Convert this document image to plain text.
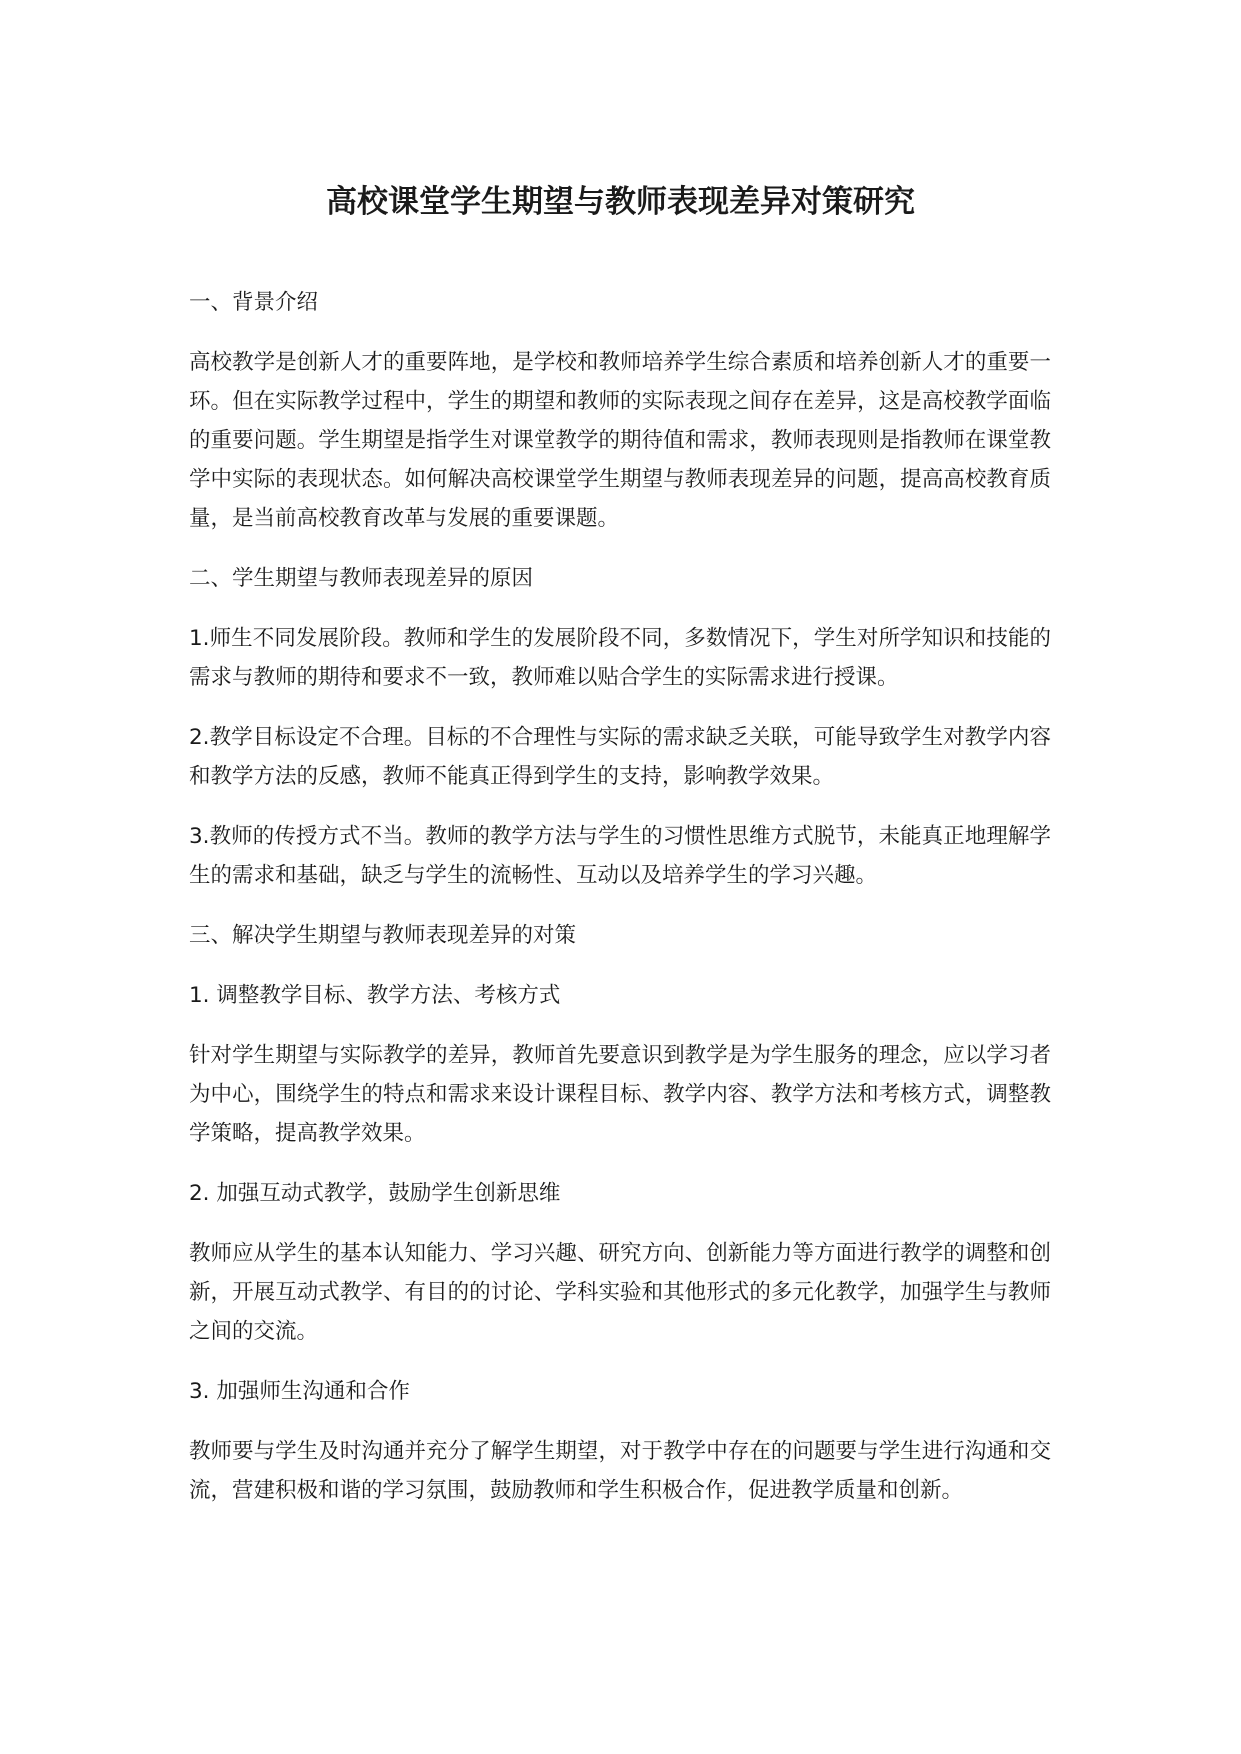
高校课堂学生期望与教师表现差异对策研究

一、背景介绍

高校教学是创新人才的重要阵地，是学校和教师培养学生综合素质和培养创新人才的重要一环。但在实际教学过程中，学生的期望和教师的实际表现之间存在差异，这是高校教学面临的重要问题。学生期望是指学生对课堂教学的期待值和需求，教师表现则是指教师在课堂教学中实际的表现状态。如何解决高校课堂学生期望与教师表现差异的问题，提高高校教育质量，是当前高校教育改革与发展的重要课题。

二、学生期望与教师表现差异的原因

1.师生不同发展阶段。教师和学生的发展阶段不同，多数情况下，学生对所学知识和技能的需求与教师的期待和要求不一致，教师难以贴合学生的实际需求进行授课。

2.教学目标设定不合理。目标的不合理性与实际的需求缺乏关联，可能导致学生对教学内容和教学方法的反感，教师不能真正得到学生的支持，影响教学效果。

3.教师的传授方式不当。教师的教学方法与学生的习惯性思维方式脱节，未能真正地理解学生的需求和基础，缺乏与学生的流畅性、互动以及培养学生的学习兴趣。

三、解决学生期望与教师表现差异的对策

1. 调整教学目标、教学方法、考核方式

针对学生期望与实际教学的差异，教师首先要意识到教学是为学生服务的理念，应以学习者为中心，围绕学生的特点和需求来设计课程目标、教学内容、教学方法和考核方式，调整教学策略，提高教学效果。

2. 加强互动式教学，鼓励学生创新思维

教师应从学生的基本认知能力、学习兴趣、研究方向、创新能力等方面进行教学的调整和创新，开展互动式教学、有目的的讨论、学科实验和其他形式的多元化教学，加强学生与教师之间的交流。

3. 加强师生沟通和合作

教师要与学生及时沟通并充分了解学生期望，对于教学中存在的问题要与学生进行沟通和交流，营建积极和谐的学习氛围，鼓励教师和学生积极合作，促进教学质量和创新。
